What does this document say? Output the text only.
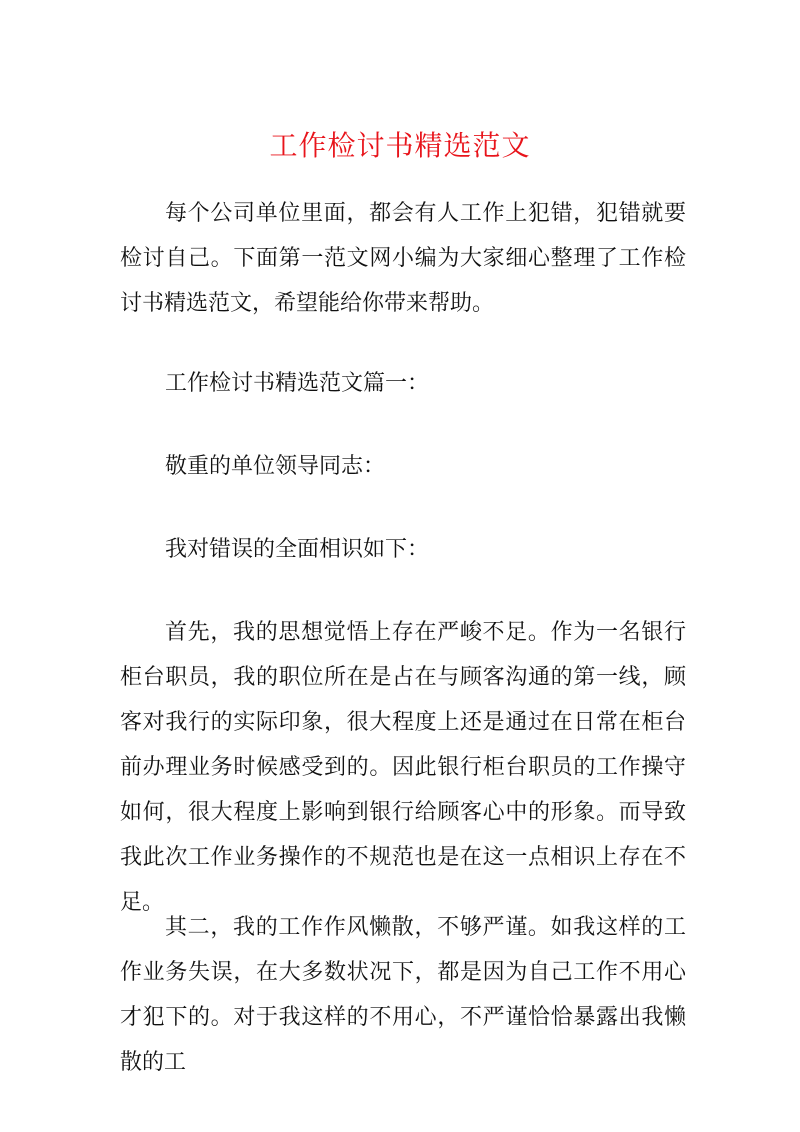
工作检讨书精选范文

每个公司单位里面，都会有人工作上犯错，犯错就要检讨自己。下面第一范文网小编为大家细心整理了工作检讨书精选范文，希望能给你带来帮助。

工作检讨书精选范文篇一：

敬重的单位领导同志：

我对错误的全面相识如下：

首先，我的思想觉悟上存在严峻不足。作为一名银行柜台职员，我的职位所在是占在与顾客沟通的第一线，顾客对我行的实际印象，很大程度上还是通过在日常在柜台前办理业务时候感受到的。因此银行柜台职员的工作操守如何，很大程度上影响到银行给顾客心中的形象。而导致我此次工作业务操作的不规范也是在这一点相识上存在不足。

其二，我的工作作风懒散，不够严谨。如我这样的工作业务失误，在大多数状况下，都是因为自己工作不用心才犯下的。对于我这样的不用心，不严谨恰恰暴露出我懒散的工
